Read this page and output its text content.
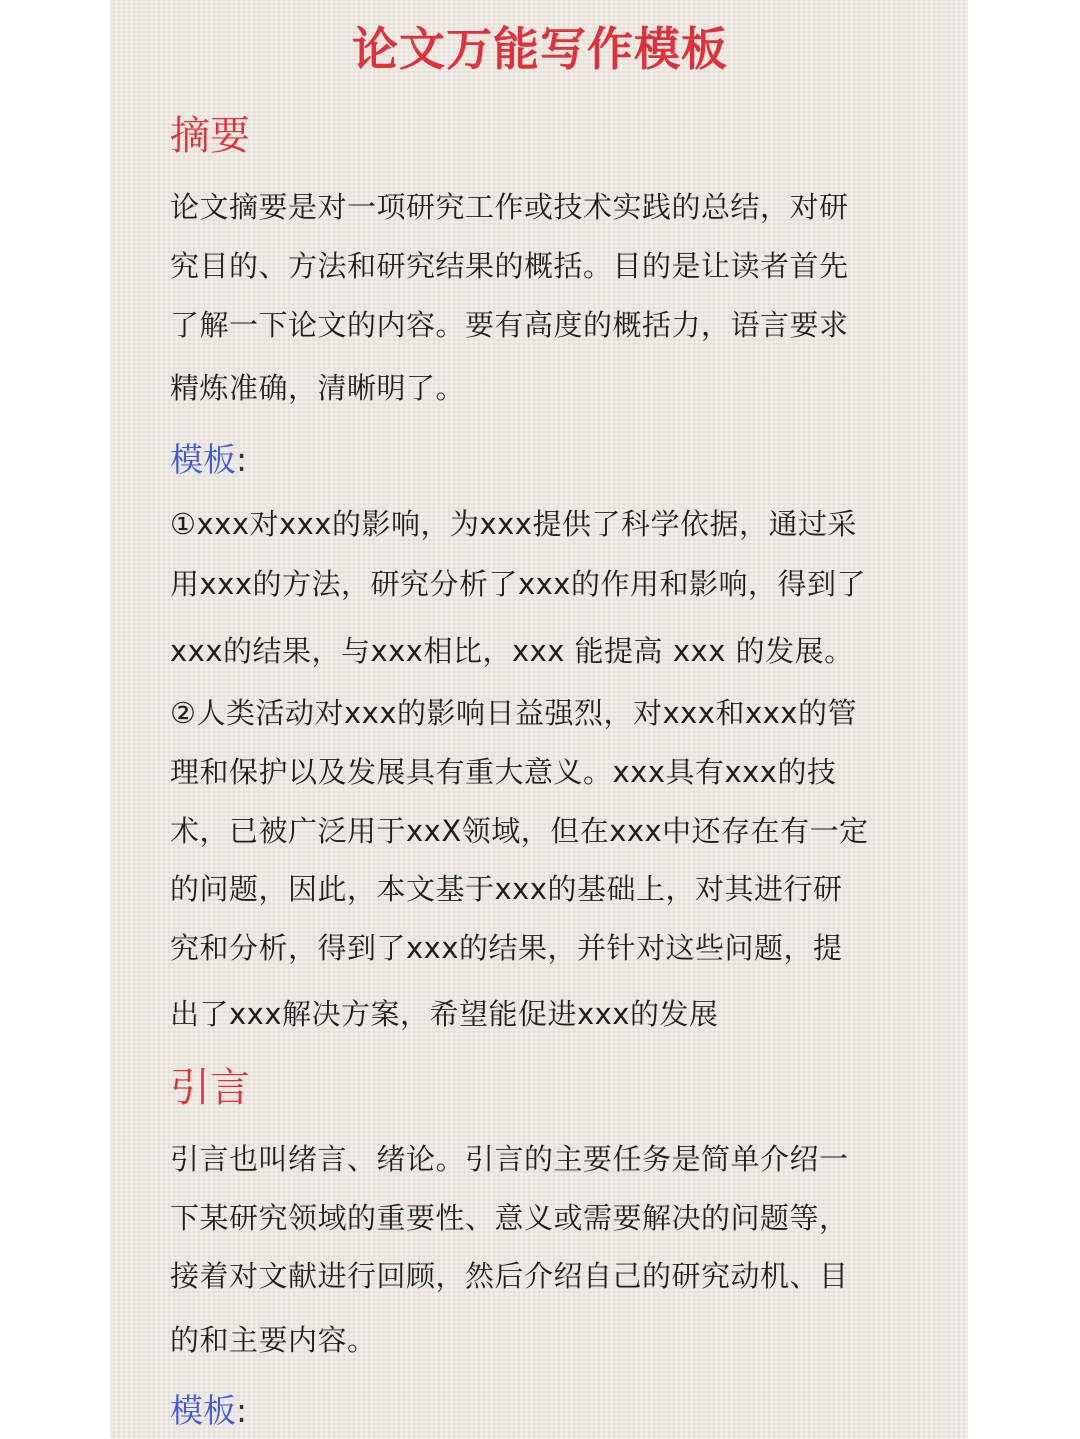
论文万能写作模板
摘要
论文摘要是对一项研究工作或技术实践的总结，对研
究目的、方法和研究结果的概括。目的是让读者首先
了解一下论文的内容。要有高度的概括力，语言要求
精炼准确，清晰明了。
模板:
①xxx对xxx的影响，为xxx提供了科学依据，通过采
用xxx的方法，研究分析了xxx的作用和影响，得到了
xxx的结果，与xxx相比，xxx 能提高 xxx 的发展。
②人类活动对xxx的影响日益强烈，对xxx和xxx的管
理和保护以及发展具有重大意义。xxx具有xxx的技
术，已被广泛用于xxX领域，但在xxx中还存在有一定
的问题，因此，本文基于xxx的基础上，对其进行研
究和分析，得到了xxx的结果，并针对这些问题，提
出了xxx解决方案，希望能促进xxx的发展
引言
引言也叫绪言、绪论。引言的主要任务是简单介绍一
下某研究领域的重要性、意义或需要解决的问题等，
接着对文献进行回顾，然后介绍自己的研究动机、目
的和主要内容。
模板:
